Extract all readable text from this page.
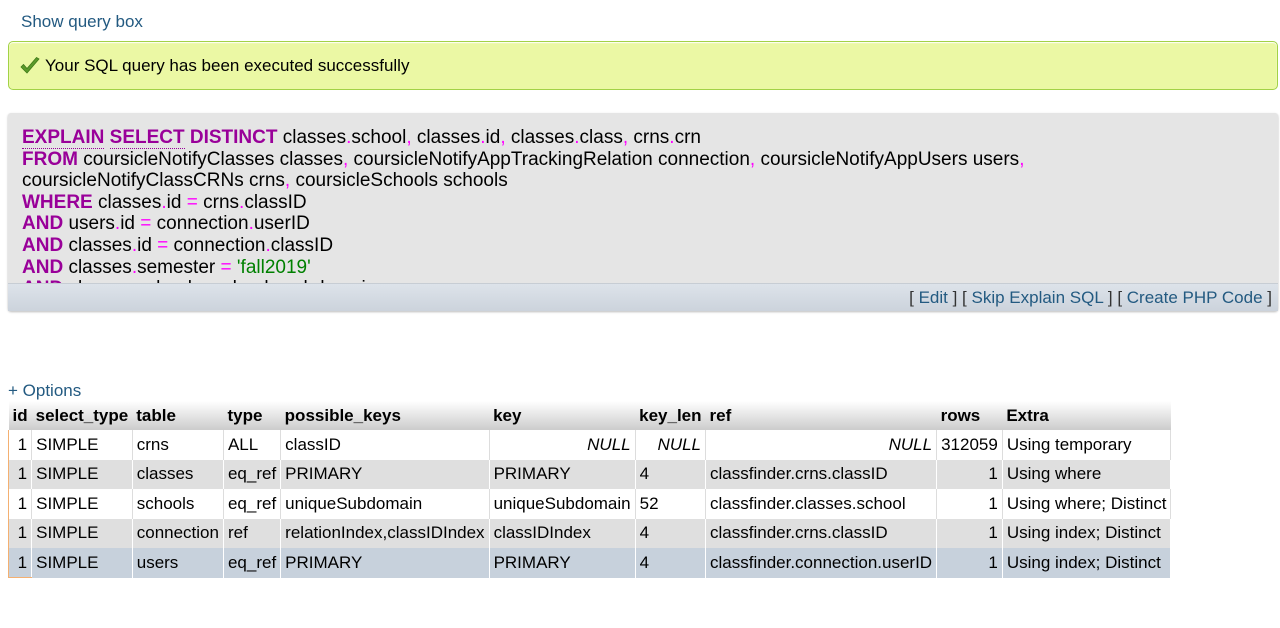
Show query box
Your SQL query has been executed successfully
EXPLAIN SELECT DISTINCT classes.school, classes.id, classes.class, crns.crn
FROM coursicleNotifyClasses classes, coursicleNotifyAppTrackingRelation connection, coursicleNotifyAppUsers users,
coursicleNotifyClassCRNs crns, coursicleSchools schools
WHERE classes.id = crns.classID
AND users.id = connection.userID
AND classes.id = connection.classID
AND classes.semester = 'fall2019'
[ Edit ] [ Skip Explain SQL ] [ Create PHP Code ]
+ Options
id	select_type	table	type	possible_keys	key	key_len	ref	rows	Extra
1	SIMPLE	crns	ALL	classID	NULL	NULL	NULL	312059	Using temporary
1	SIMPLE	classes	eq_ref	PRIMARY	PRIMARY	4	classfinder.crns.classID	1	Using where
1	SIMPLE	schools	eq_ref	uniqueSubdomain	uniqueSubdomain	52	classfinder.classes.school	1	Using where; Distinct
1	SIMPLE	connection	ref	relationIndex,classIDIndex	classIDIndex	4	classfinder.crns.classID	1	Using index; Distinct
1	SIMPLE	users	eq_ref	PRIMARY	PRIMARY	4	classfinder.connection.userID	1	Using index; Distinct
